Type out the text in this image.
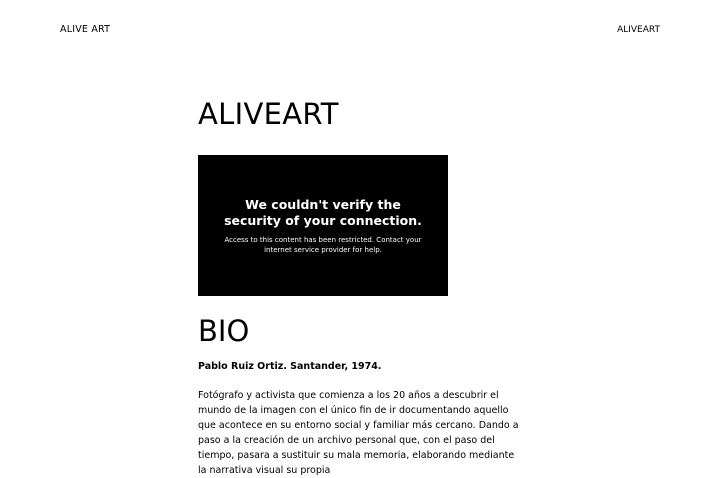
ALIVE ART	ALIVEART
ALIVEART

We couldn't verify the security of your connection.

Access to this content has been restricted. Contact your internet service provider for help.

BIO

Pablo Ruiz Ortiz. Santander, 1974.

Fotógrafo y activista que comienza a los 20 años a descubrir el mundo de la imagen con el único fin de ir documentando aquello que acontece en su entorno social y familiar más cercano. Dando a paso a la creación de un archivo personal que, con el paso del tiempo, pasara a sustituir su mala memoria, elaborando mediante la narrativa visual su propia
